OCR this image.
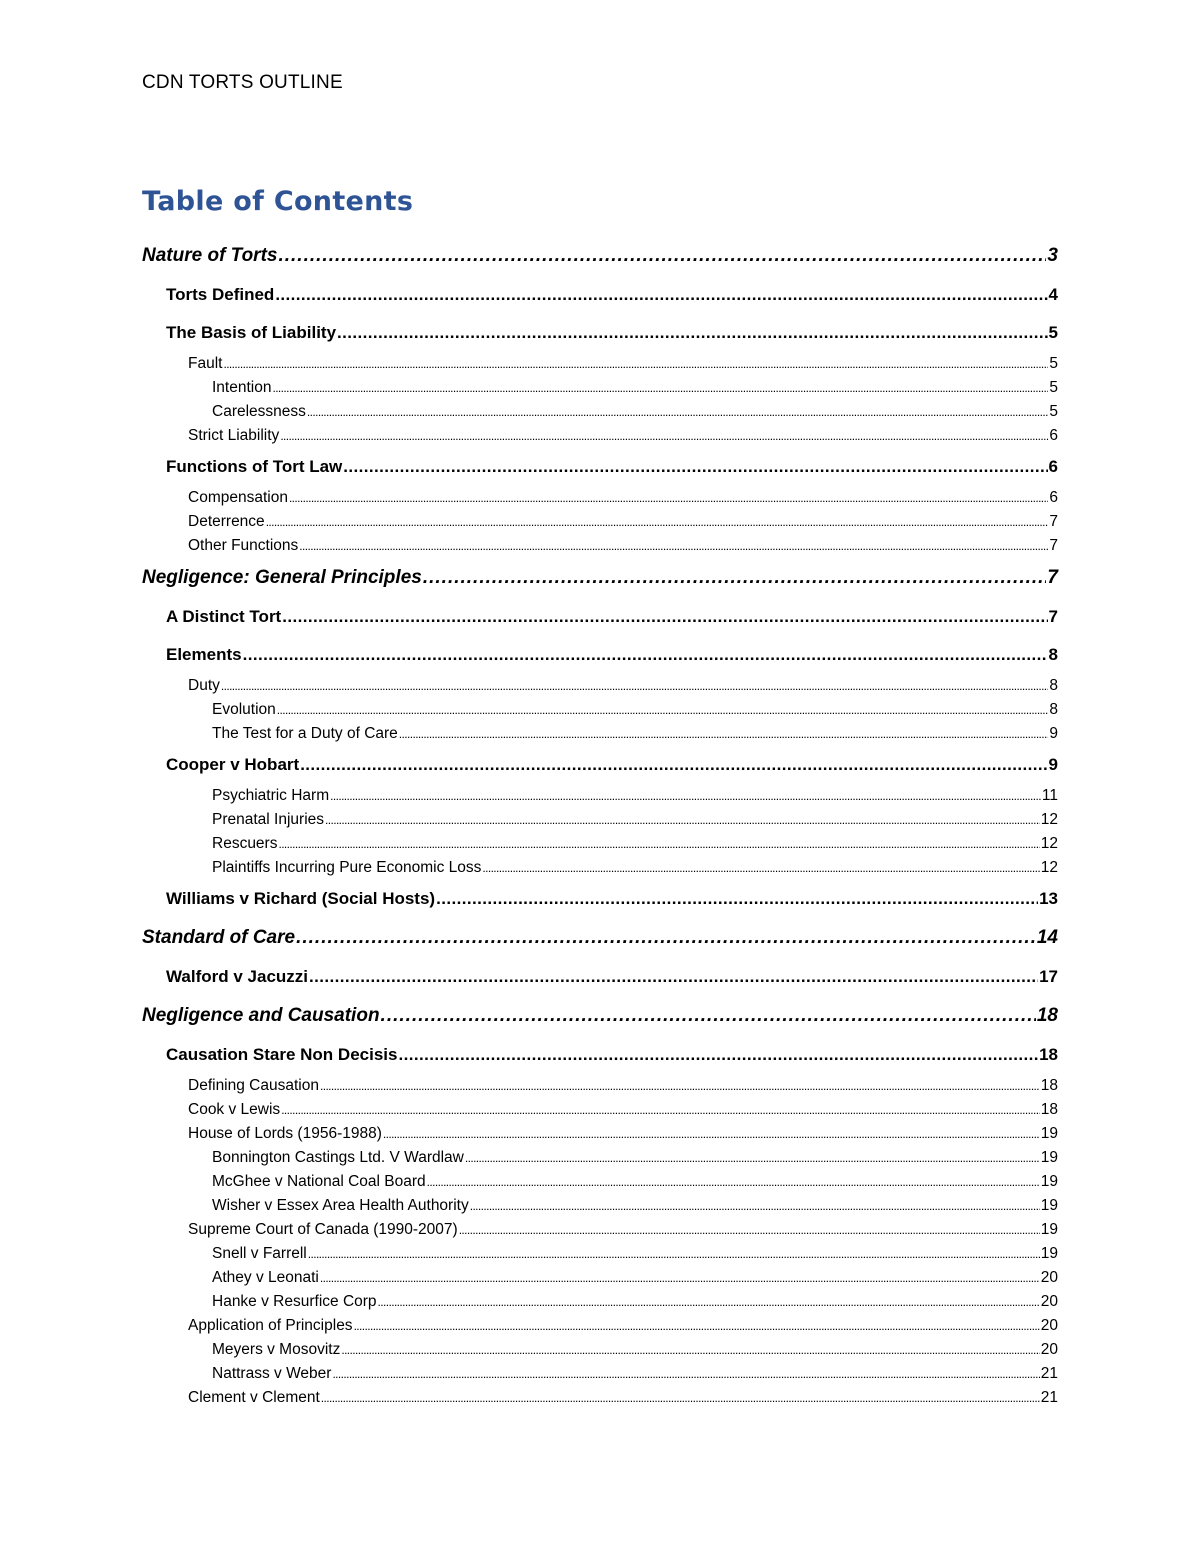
CDN TORTS OUTLINE
Table of Contents
Nature of Torts .....	3
Torts Defined .....	4
The Basis of Liability .....	5
Fault .....	5
Intention .....	5
Carelessness .....	5
Strict Liability .....	6
Functions of Tort Law .....	6
Compensation .....	6
Deterrence .....	7
Other Functions .....	7
Negligence: General Principles .....	7
A Distinct Tort .....	7
Elements .....	8
Duty .....	8
Evolution .....	8
The Test for a Duty of Care .....	9
Cooper v Hobart .....	9
Psychiatric Harm .....	11
Prenatal Injuries .....	12
Rescuers .....	12
Plaintiffs Incurring Pure Economic Loss .....	12
Williams v Richard (Social Hosts) .....	13
Standard of Care .....	14
Walford v Jacuzzi .....	17
Negligence and Causation .....	18
Causation Stare Non Decisis .....	18
Defining Causation .....	18
Cook v Lewis .....	18
House of Lords (1956-1988) .....	19
Bonnington Castings Ltd. V Wardlaw .....	19
McGhee v National Coal Board .....	19
Wisher v Essex Area Health Authority .....	19
Supreme Court of Canada (1990-2007) .....	19
Snell v Farrell .....	19
Athey v Leonati .....	20
Hanke v Resurfice Corp .....	20
Application of Principles .....	20
Meyers v Mosovitz .....	20
Nattrass v Weber .....	21
Clement v Clement .....	21
